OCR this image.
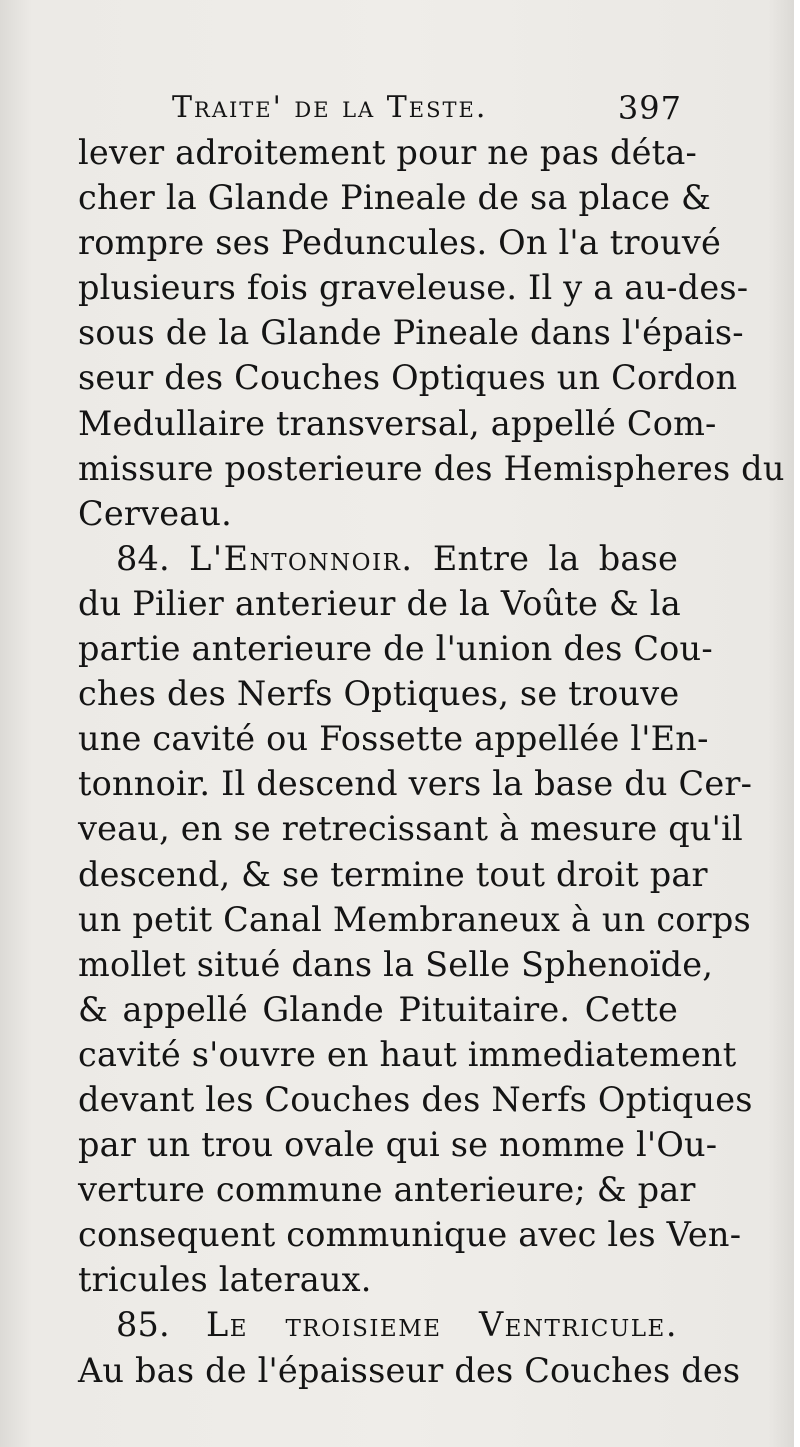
Traite' de la Teste.	397
lever adroitement pour ne pas déta-
cher la Glande Pineale de sa place &
rompre ses Peduncules. On l'a trouvé
plusieurs fois graveleuse. Il y a au-des-
sous de la Glande Pineale dans l'épais-
seur des Couches Optiques un Cordon
Medullaire transversal, appellé Com-
missure posterieure des Hemispheres du
Cerveau.
84. L'Entonnoir. Entre la base
du Pilier anterieur de la Voûte & la
partie anterieure de l'union des Cou-
ches des Nerfs Optiques, se trouve
une cavité ou Fossette appellée l'En-
tonnoir. Il descend vers la base du Cer-
veau, en se retrecissant à mesure qu'il
descend, & se termine tout droit par
un petit Canal Membraneux à un corps
mollet situé dans la Selle Sphenoïde,
& appellé Glande Pituitaire. Cette
cavité s'ouvre en haut immediatement
devant les Couches des Nerfs Optiques
par un trou ovale qui se nomme l'Ou-
verture commune anterieure; & par
consequent communique avec les Ven-
tricules lateraux.
85. Le troisieme Ventricule.
Au bas de l'épaisseur des Couches des
